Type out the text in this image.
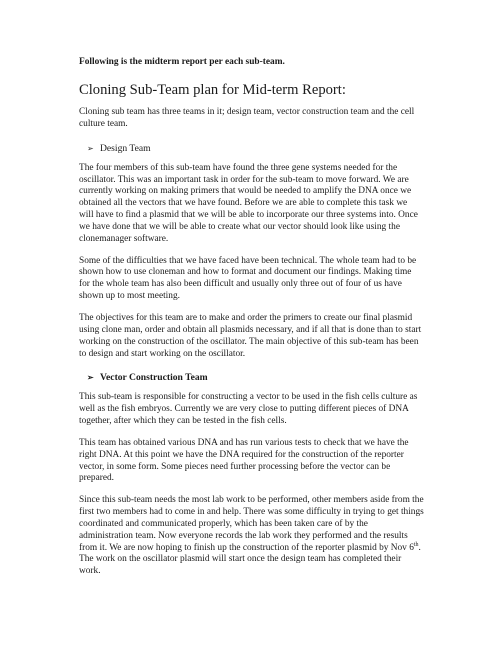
Following is the midterm report per each sub-team.
Cloning Sub-Team plan for Mid-term Report:

Cloning sub team has three teams in it; design team, vector construction team and the cell culture team.

➢ Design Team

The four members of this sub-team have found the three gene systems needed for the oscillator. This was an important task in order for the sub-team to move forward. We are currently working on making primers that would be needed to amplify the DNA once we obtained all the vectors that we have found. Before we are able to complete this task we will have to find a plasmid that we will be able to incorporate our three systems into. Once we have done that we will be able to create what our vector should look like using the clonemanager software.

Some of the difficulties that we have faced have been technical. The whole team had to be shown how to use cloneman and how to format and document our findings. Making time for the whole team has also been difficult and usually only three out of four of us have shown up to most meeting.

The objectives for this team are to make and order the primers to create our final plasmid using clone man, order and obtain all plasmids necessary, and if all that is done than to start working on the construction of the oscillator. The main objective of this sub-team has been to design and start working on the oscillator.

➢ Vector Construction Team

This sub-team is responsible for constructing a vector to be used in the fish cells culture as well as the fish embryos. Currently we are very close to putting different pieces of DNA together, after which they can be tested in the fish cells.

This team has obtained various DNA and has run various tests to check that we have the right DNA. At this point we have the DNA required for the construction of the reporter vector, in some form. Some pieces need further processing before the vector can be prepared.

Since this sub-team needs the most lab work to be performed, other members aside from the first two members had to come in and help. There was some difficulty in trying to get things coordinated and communicated properly, which has been taken care of by the administration team. Now everyone records the lab work they performed and the results from it. We are now hoping to finish up the construction of the reporter plasmid by Nov 6th. The work on the oscillator plasmid will start once the design team has completed their work.
